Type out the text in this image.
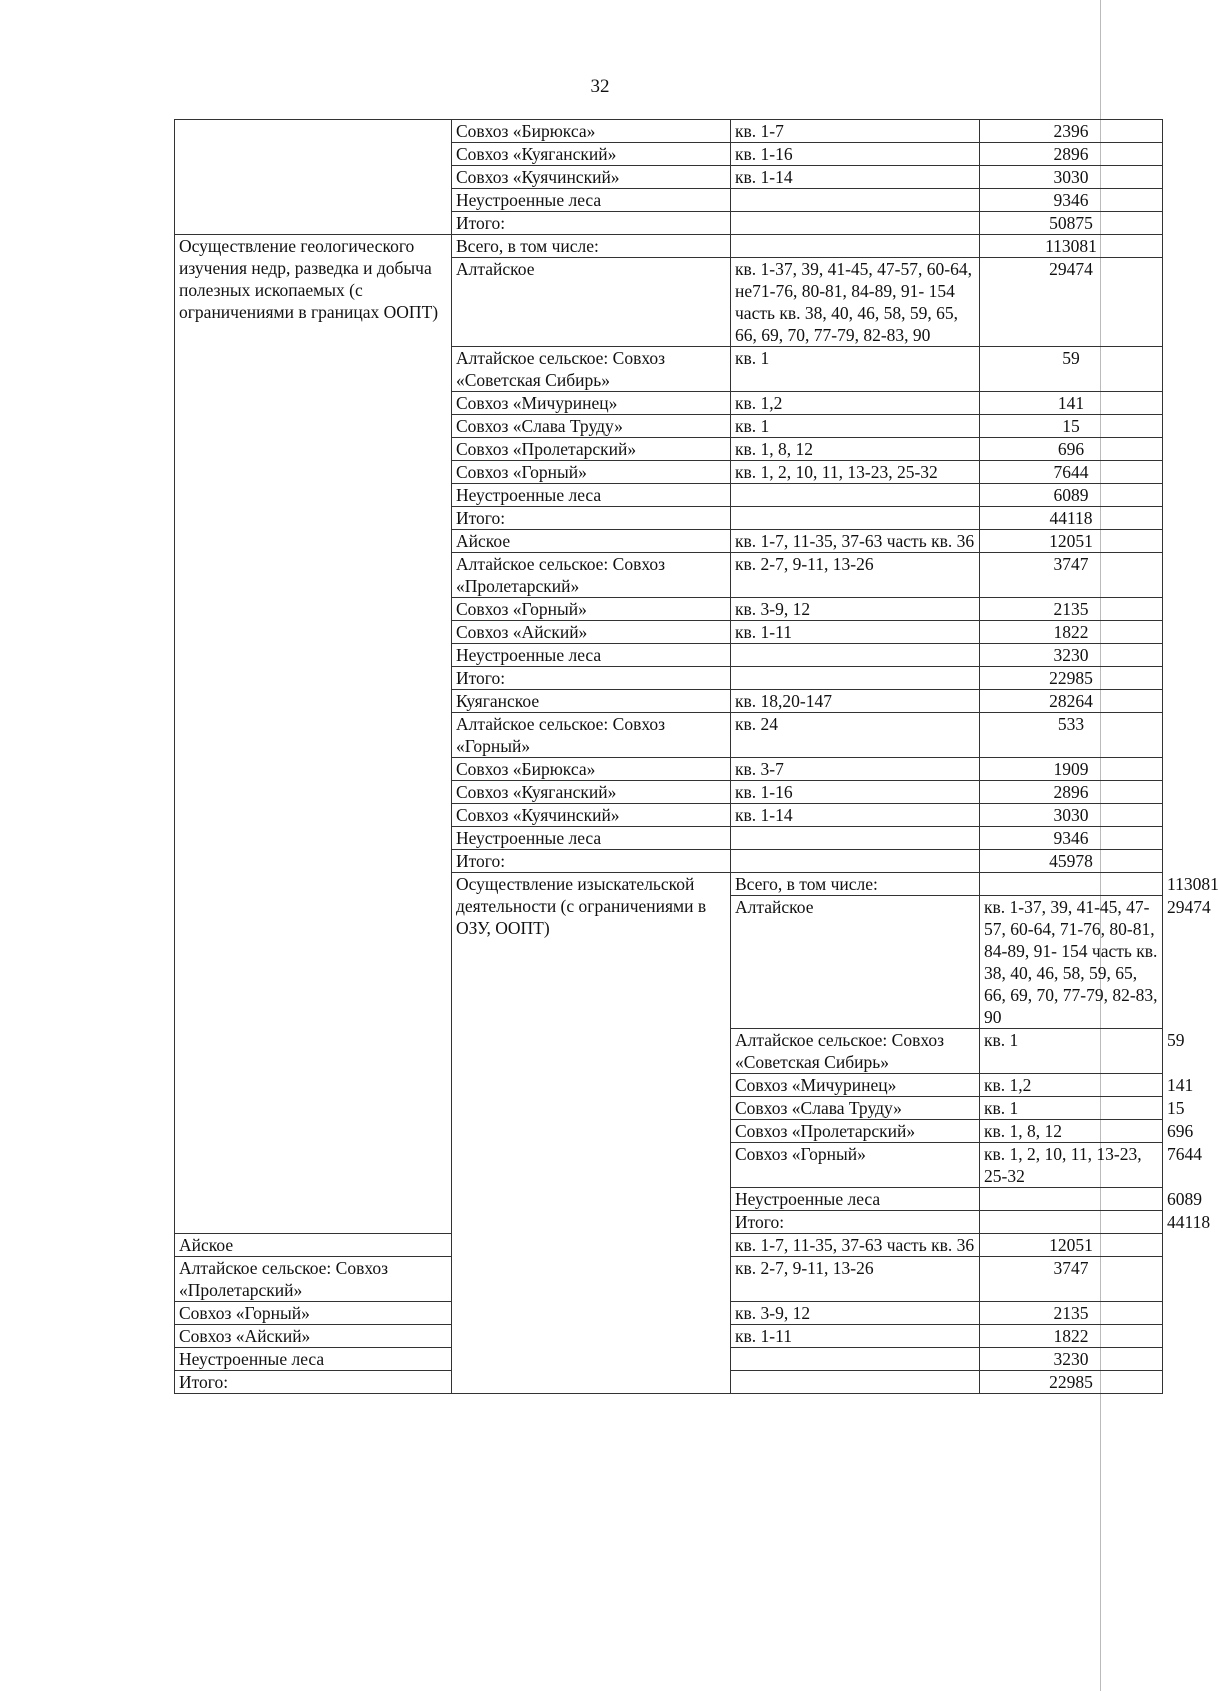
32
	Совхоз «Бирюкса»	кв. 1-7	2396	
	Совхоз «Куяганский»	кв. 1-16	2896	
	Совхоз «Куячинский»	кв. 1-14	3030	
	Неустроенные леса		9346	
	Итого:		50875	
Осуществление геологического изучения недр, разведка и добыча полезных ископаемых (с ограничениями в границах ООПТ)	Всего, в том числе:		113081	
	Алтайское	кв. 1-37, 39, 41-45, 47-57, 60-64, не71-76, 80-81, 84-89, 91- 154 часть кв. 38, 40, 46, 58, 59, 65, 66, 69, 70, 77-79, 82-83, 90	29474	
	Алтайское сельское: Совхоз «Советская Сибирь»	кв. 1	59	
	Совхоз «Мичуринец»	кв. 1,2	141	
	Совхоз «Слава Труду»	кв. 1	15	
	Совхоз «Пролетарский»	кв. 1, 8, 12	696	
	Совхоз «Горный»	кв. 1, 2, 10, 11, 13-23, 25-32	7644	
	Неустроенные леса		6089	
	Итого:		44118	
	Айское	кв. 1-7, 11-35, 37-63 часть кв. 36	12051	
	Алтайское сельское: Совхоз «Пролетарский»	кв. 2-7, 9-11, 13-26	3747	
	Совхоз «Горный»	кв. 3-9, 12	2135	
	Совхоз «Айский»	кв. 1-11	1822	
	Неустроенные леса		3230	
	Итого:		22985	
	Куяганское	кв. 18,20-147	28264	
	Алтайское сельское: Совхоз «Горный»	кв. 24	533	
	Совхоз «Бирюкса»	кв. 3-7	1909	
	Совхоз «Куяганский»	кв. 1-16	2896	
	Совхоз «Куячинский»	кв. 1-14	3030	
	Неустроенные леса		9346	
	Итого:		45978	
	Осуществление изыскательской деятельности (с ограничениями в ОЗУ, ООПТ)	Всего, в том числе:		113081
		Алтайское	кв. 1-37, 39, 41-45, 47-57, 60-64, 71-76, 80-81, 84-89, 91- 154 часть кв. 38, 40, 46, 58, 59, 65, 66, 69, 70, 77-79, 82-83, 90	29474
		Алтайское сельское: Совхоз «Советская Сибирь»	кв. 1	59
		Совхоз «Мичуринец»	кв. 1,2	141
		Совхоз «Слава Труду»	кв. 1	15
		Совхоз «Пролетарский»	кв. 1, 8, 12	696
		Совхоз «Горный»	кв. 1, 2, 10, 11, 13-23, 25-32	7644
		Неустроенные леса		6089
		Итого:		44118
Айское		кв. 1-7, 11-35, 37-63 часть кв. 36	12051	
Алтайское сельское: Совхоз «Пролетарский»		кв. 2-7, 9-11, 13-26	3747	
Совхоз «Горный»		кв. 3-9, 12	2135	
Совхоз «Айский»		кв. 1-11	1822	
Неустроенные леса			3230	
Итого:			22985	
